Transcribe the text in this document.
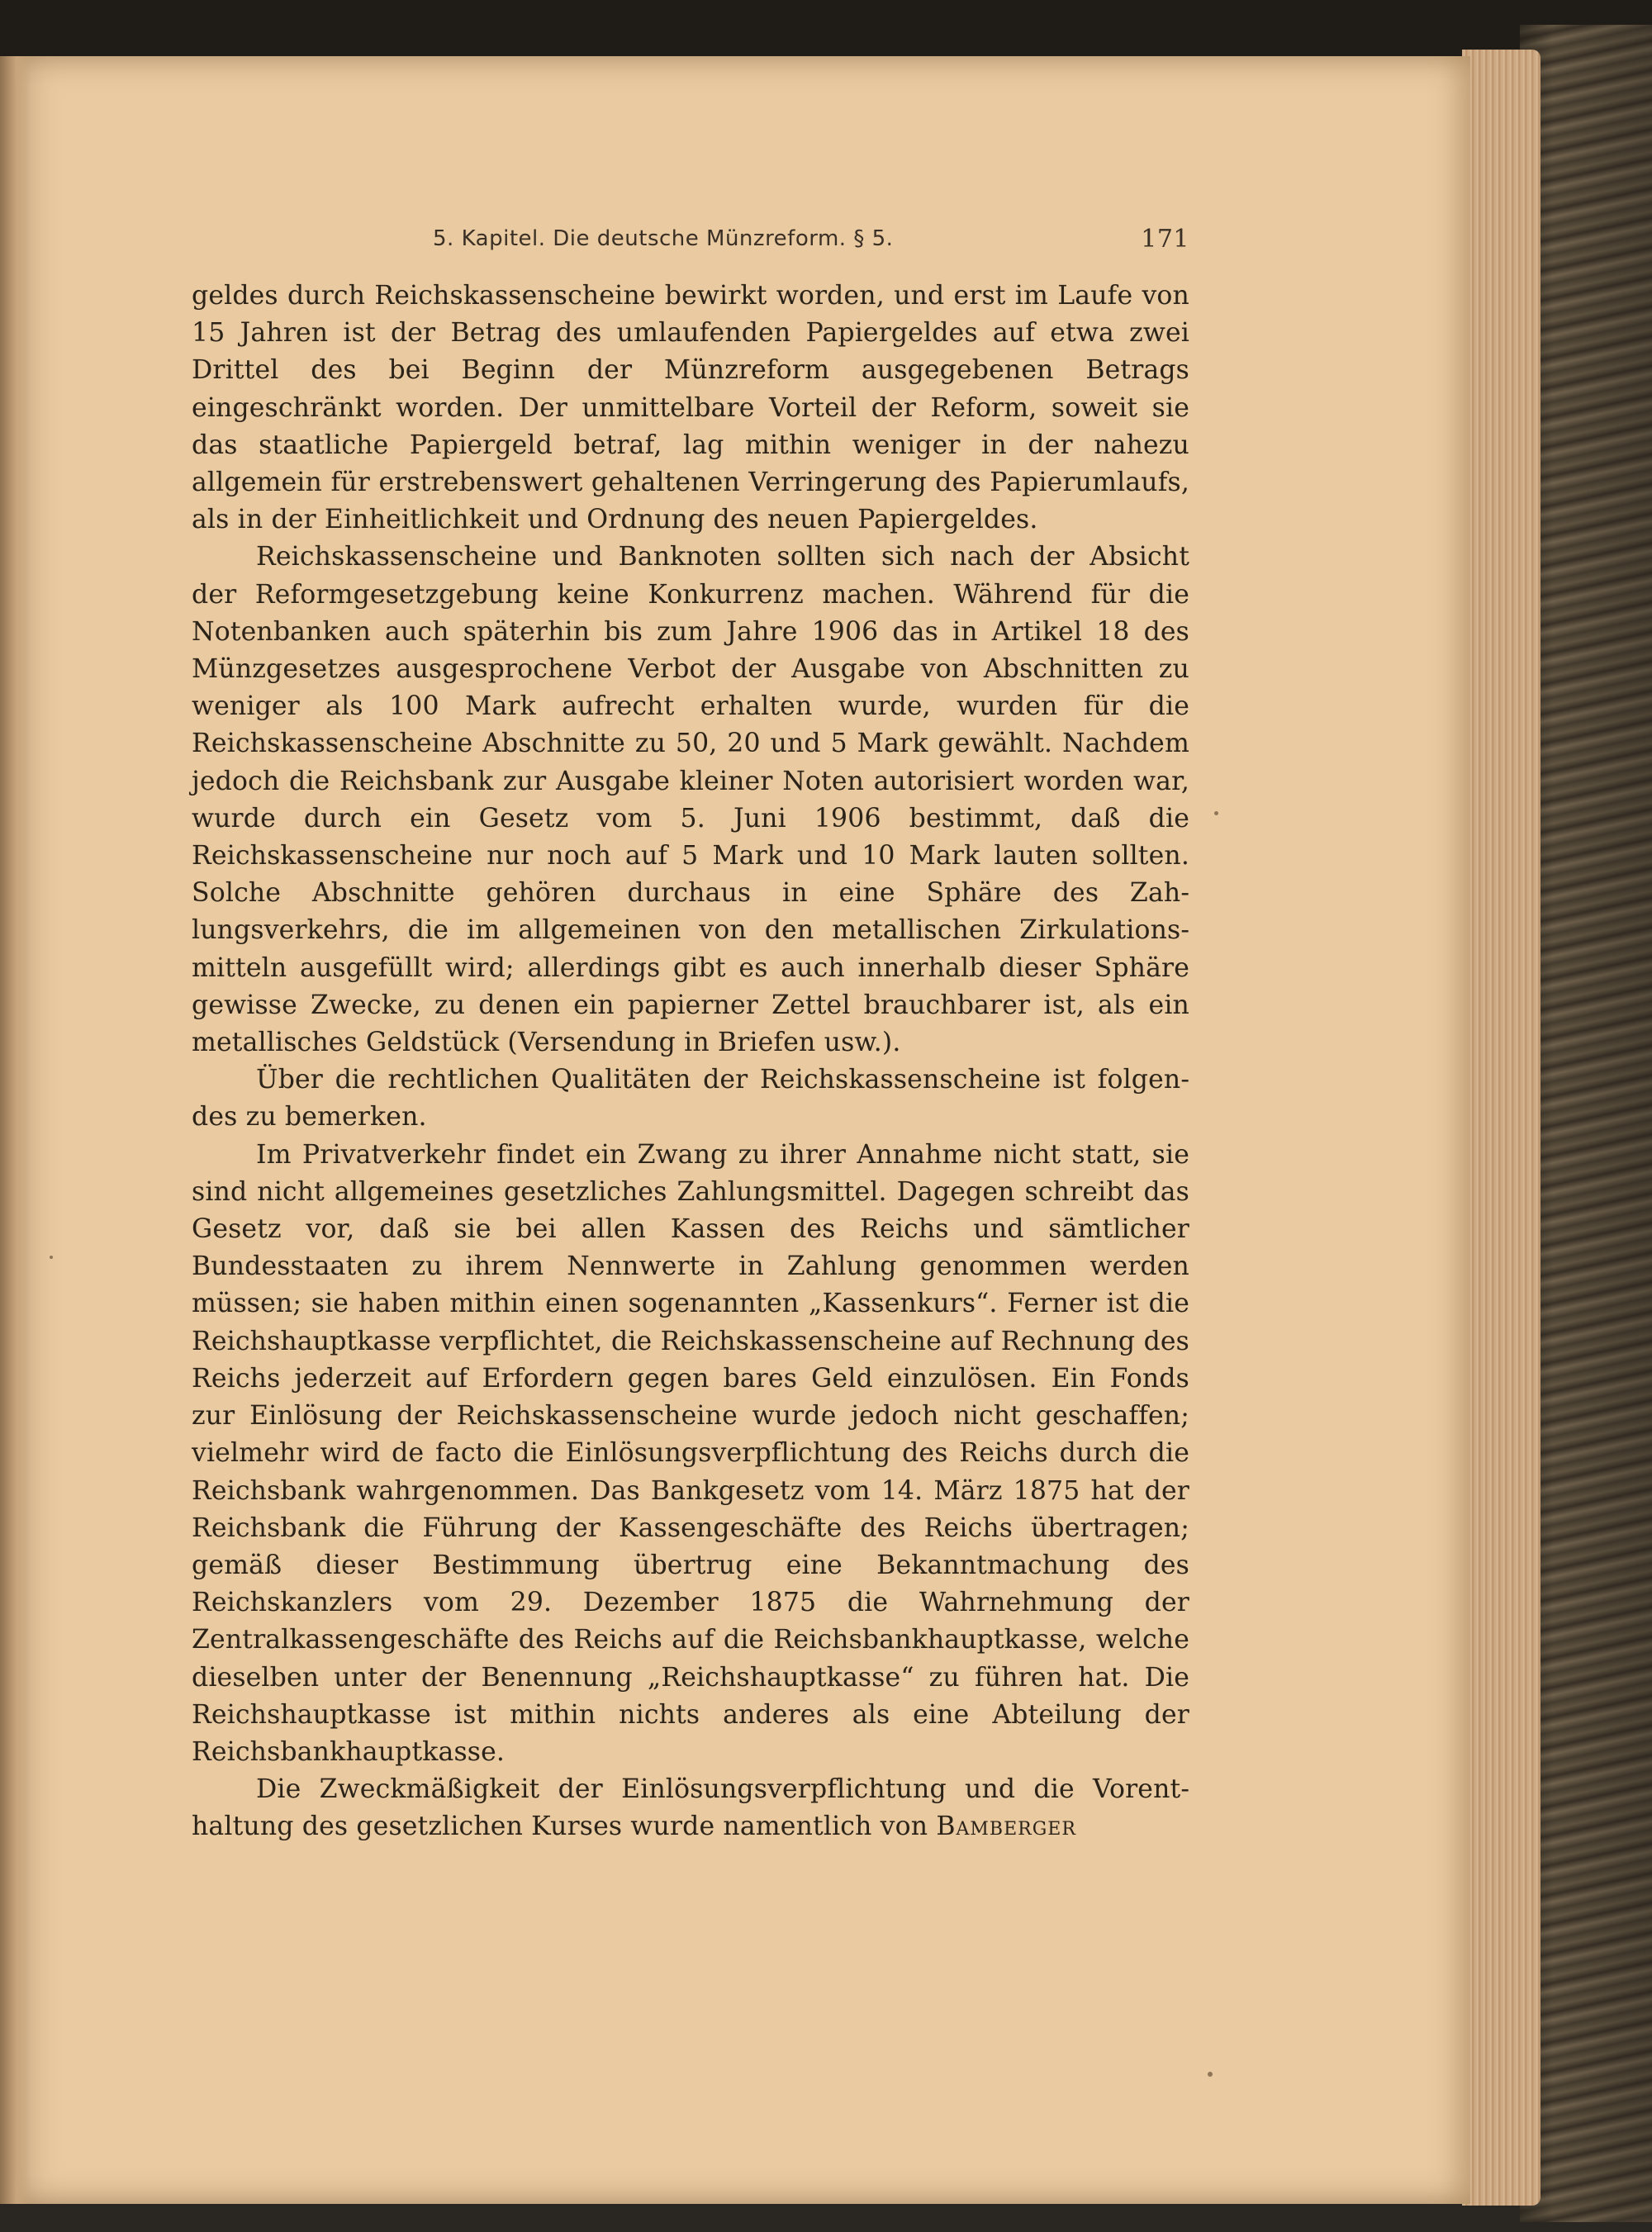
5. Kapitel. Die deutsche Münzreform. § 5.	171

geldes durch Reichskassenscheine bewirkt worden, und erst im Laufe von 15 Jahren ist der Betrag des umlaufenden Papiergeldes auf etwa zwei Drittel des bei Beginn der Münzreform ausgegebenen Betrags eingeschränkt worden. Der unmittelbare Vorteil der Reform, soweit sie das staatliche Papiergeld betraf, lag mithin weniger in der nahezu allgemein für erstrebenswert gehaltenen Verringerung des Papierumlaufs, als in der Einheitlichkeit und Ordnung des neuen Papiergeldes.

Reichskassenscheine und Banknoten sollten sich nach der Absicht der Reformgesetzgebung keine Konkurrenz machen. Während für die Notenbanken auch späterhin bis zum Jahre 1906 das in Artikel 18 des Münzgesetzes ausgesprochene Verbot der Ausgabe von Abschnitten zu weniger als 100 Mark aufrecht erhalten wurde, wurden für die Reichskassenscheine Abschnitte zu 50, 20 und 5 Mark gewählt. Nachdem jedoch die Reichsbank zur Ausgabe kleiner Noten autorisiert worden war, wurde durch ein Gesetz vom 5. Juni 1906 bestimmt, daß die Reichskassenscheine nur noch auf 5 Mark und 10 Mark lauten sollten. Solche Abschnitte gehören durchaus in eine Sphäre des Zahlungsverkehrs, die im allgemeinen von den metallischen Zirkulationsmitteln ausgefüllt wird; allerdings gibt es auch innerhalb dieser Sphäre gewisse Zwecke, zu denen ein papierner Zettel brauchbarer ist, als ein metallisches Geldstück (Versendung in Briefen usw.).

Über die rechtlichen Qualitäten der Reichskassenscheine ist folgendes zu bemerken.

Im Privatverkehr findet ein Zwang zu ihrer Annahme nicht statt, sie sind nicht allgemeines gesetzliches Zahlungsmittel. Dagegen schreibt das Gesetz vor, daß sie bei allen Kassen des Reichs und sämtlicher Bundesstaaten zu ihrem Nennwerte in Zahlung genommen werden müssen; sie haben mithin einen sogenannten „Kassenkurs“. Ferner ist die Reichshauptkasse verpflichtet, die Reichskassenscheine auf Rechnung des Reichs jederzeit auf Erfordern gegen bares Geld einzulösen. Ein Fonds zur Einlösung der Reichskassenscheine wurde jedoch nicht geschaffen; vielmehr wird de facto die Einlösungsverpflichtung des Reichs durch die Reichsbank wahrgenommen. Das Bankgesetz vom 14. März 1875 hat der Reichsbank die Führung der Kassengeschäfte des Reichs übertragen; gemäß dieser Bestimmung übertrug eine Bekanntmachung des Reichskanzlers vom 29. Dezember 1875 die Wahrnehmung der Zentralkassengeschäfte des Reichs auf die Reichsbankhauptkasse, welche dieselben unter der Benennung „Reichshauptkasse“ zu führen hat. Die Reichshauptkasse ist mithin nichts anderes als eine Abteilung der Reichsbankhauptkasse.

Die Zweckmäßigkeit der Einlösungsverpflichtung und die Vorenthaltung des gesetzlichen Kurses wurde namentlich von Bamberger
